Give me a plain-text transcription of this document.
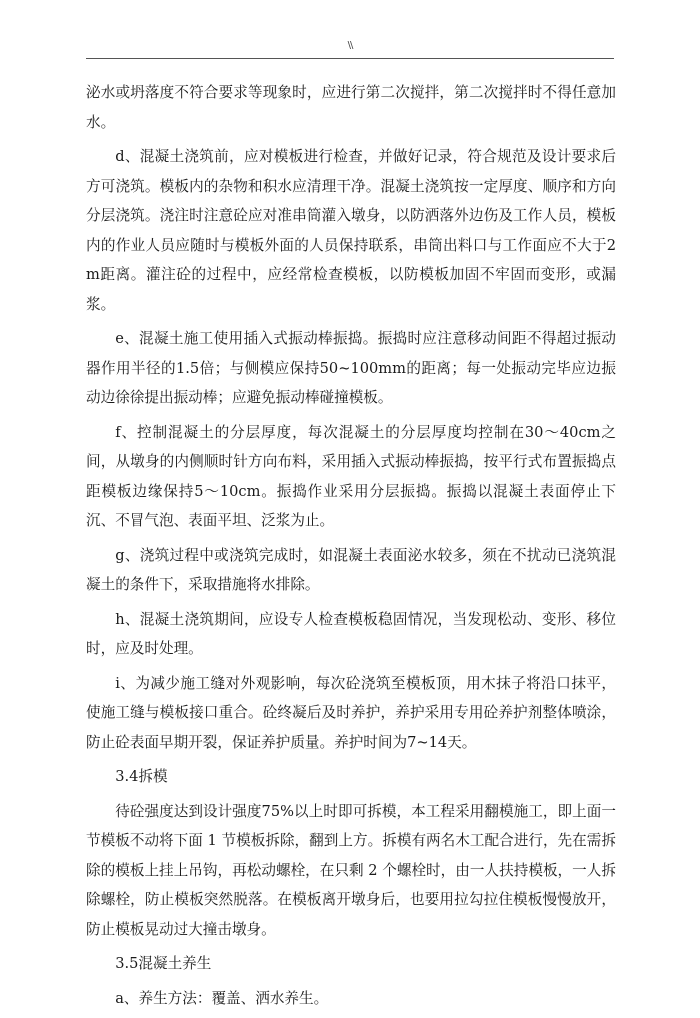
\\

泌水或坍落度不符合要求等现象时，应进行第二次搅拌，第二次搅拌时不得任意加水。

d、混凝土浇筑前，应对模板进行检查，并做好记录，符合规范及设计要求后方可浇筑。模板内的杂物和积水应清理干净。混凝土浇筑按一定厚度、顺序和方向分层浇筑。浇注时注意砼应对准串筒灌入墩身，以防洒落外边伤及工作人员，模板内的作业人员应随时与模板外面的人员保持联系，串筒出料口与工作面应不大于2m距离。灌注砼的过程中，应经常检查模板，以防模板加固不牢固而变形，或漏浆。

e、混凝土施工使用插入式振动棒振捣。振捣时应注意移动间距不得超过振动器作用半径的1.5倍；与侧模应保持50~100mm的距离；每一处振动完毕应边振动边徐徐提出振动棒；应避免振动棒碰撞模板。

f、控制混凝土的分层厚度，每次混凝土的分层厚度均控制在30～40cm之间，从墩身的内侧顺时针方向布料，采用插入式振动棒振捣，按平行式布置振捣点距模板边缘保持5～10cm。振捣作业采用分层振捣。振捣以混凝土表面停止下沉、不冒气泡、表面平坦、泛浆为止。

g、浇筑过程中或浇筑完成时，如混凝土表面泌水较多，须在不扰动已浇筑混凝土的条件下，采取措施将水排除。

h、混凝土浇筑期间，应设专人检查模板稳固情况，当发现松动、变形、移位时，应及时处理。

i、为减少施工缝对外观影响，每次砼浇筑至模板顶，用木抹子将沿口抹平，使施工缝与模板接口重合。砼终凝后及时养护，养护采用专用砼养护剂整体喷涂，防止砼表面早期开裂，保证养护质量。养护时间为7~14天。

3.4拆模

待砼强度达到设计强度75%以上时即可拆模，本工程采用翻模施工，即上面一节模板不动将下面 1 节模板拆除，翻到上方。拆模有两名木工配合进行，先在需拆除的模板上挂上吊钩，再松动螺栓，在只剩 2 个螺栓时，由一人扶持模板，一人拆除螺栓，防止模板突然脱落。在模板离开墩身后，也要用拉勾拉住模板慢慢放开，防止模板晃动过大撞击墩身。

3.5混凝土养生

a、养生方法：覆盖、洒水养生。
